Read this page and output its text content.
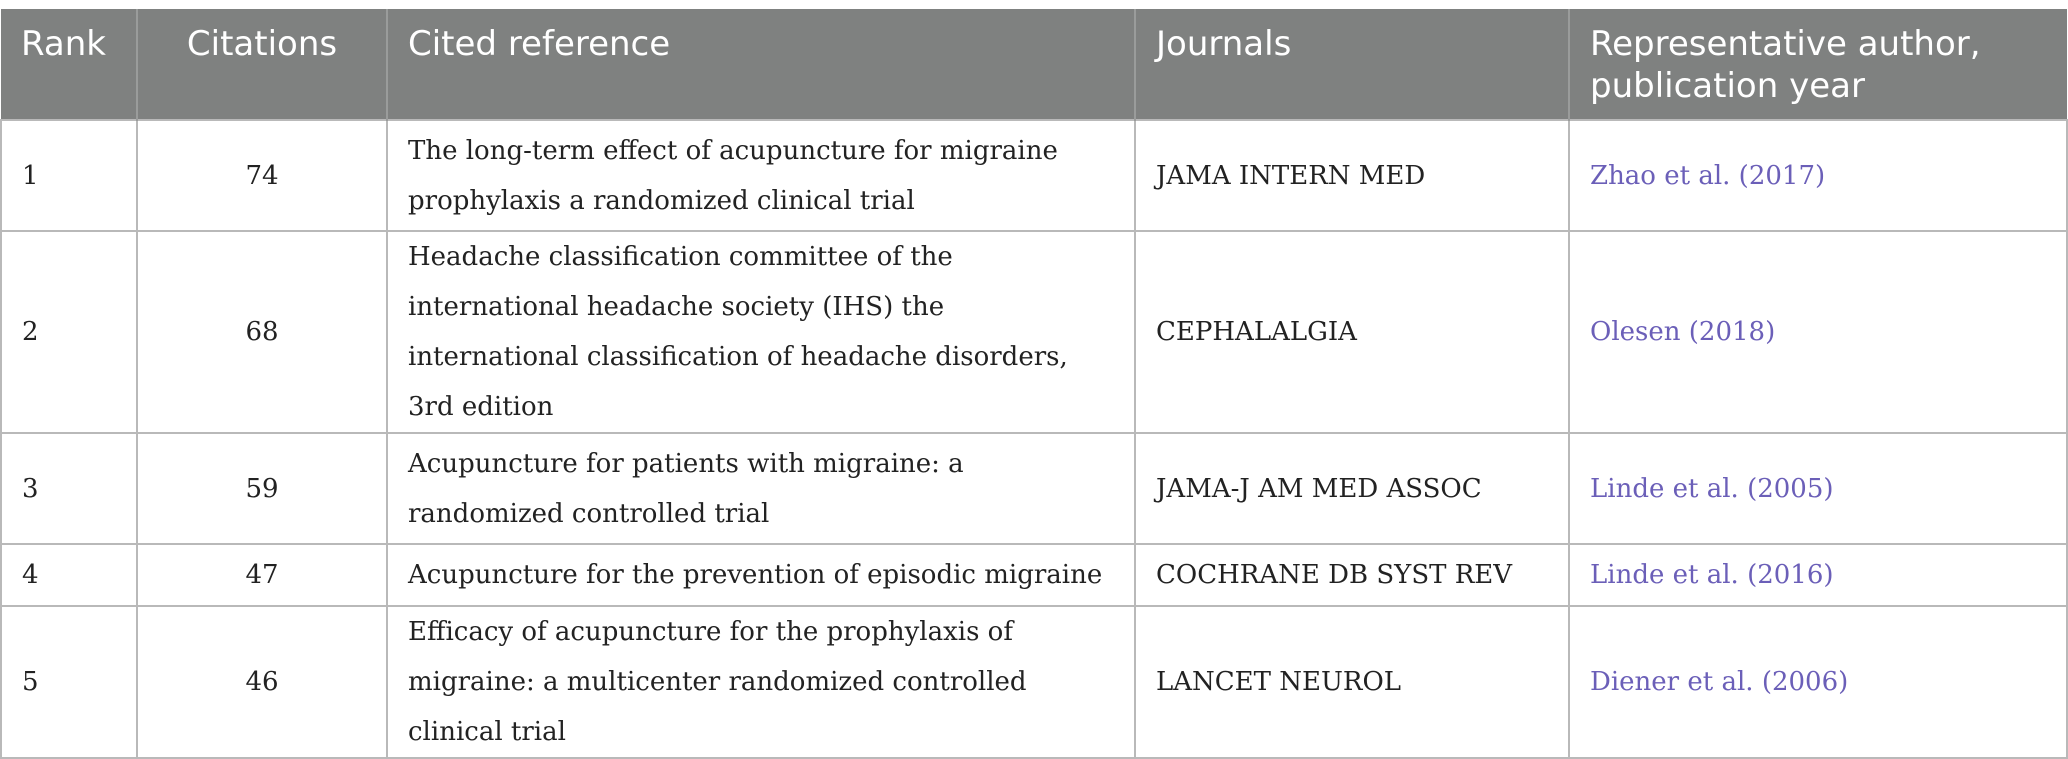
Rank	Citations	Cited reference	Journals	Representative author, publication year
1	74	The long-term effect of acupuncture for migraine prophylaxis a randomized clinical trial	JAMA INTERN MED	Zhao et al. (2017)
2	68	Headache classification committee of the international headache society (IHS) the international classification of headache disorders, 3rd edition	CEPHALALGIA	Olesen (2018)
3	59	Acupuncture for patients with migraine: a randomized controlled trial	JAMA-J AM MED ASSOC	Linde et al. (2005)
4	47	Acupuncture for the prevention of episodic migraine	COCHRANE DB SYST REV	Linde et al. (2016)
5	46	Efficacy of acupuncture for the prophylaxis of migraine: a multicenter randomized controlled clinical trial	LANCET NEUROL	Diener et al. (2006)
